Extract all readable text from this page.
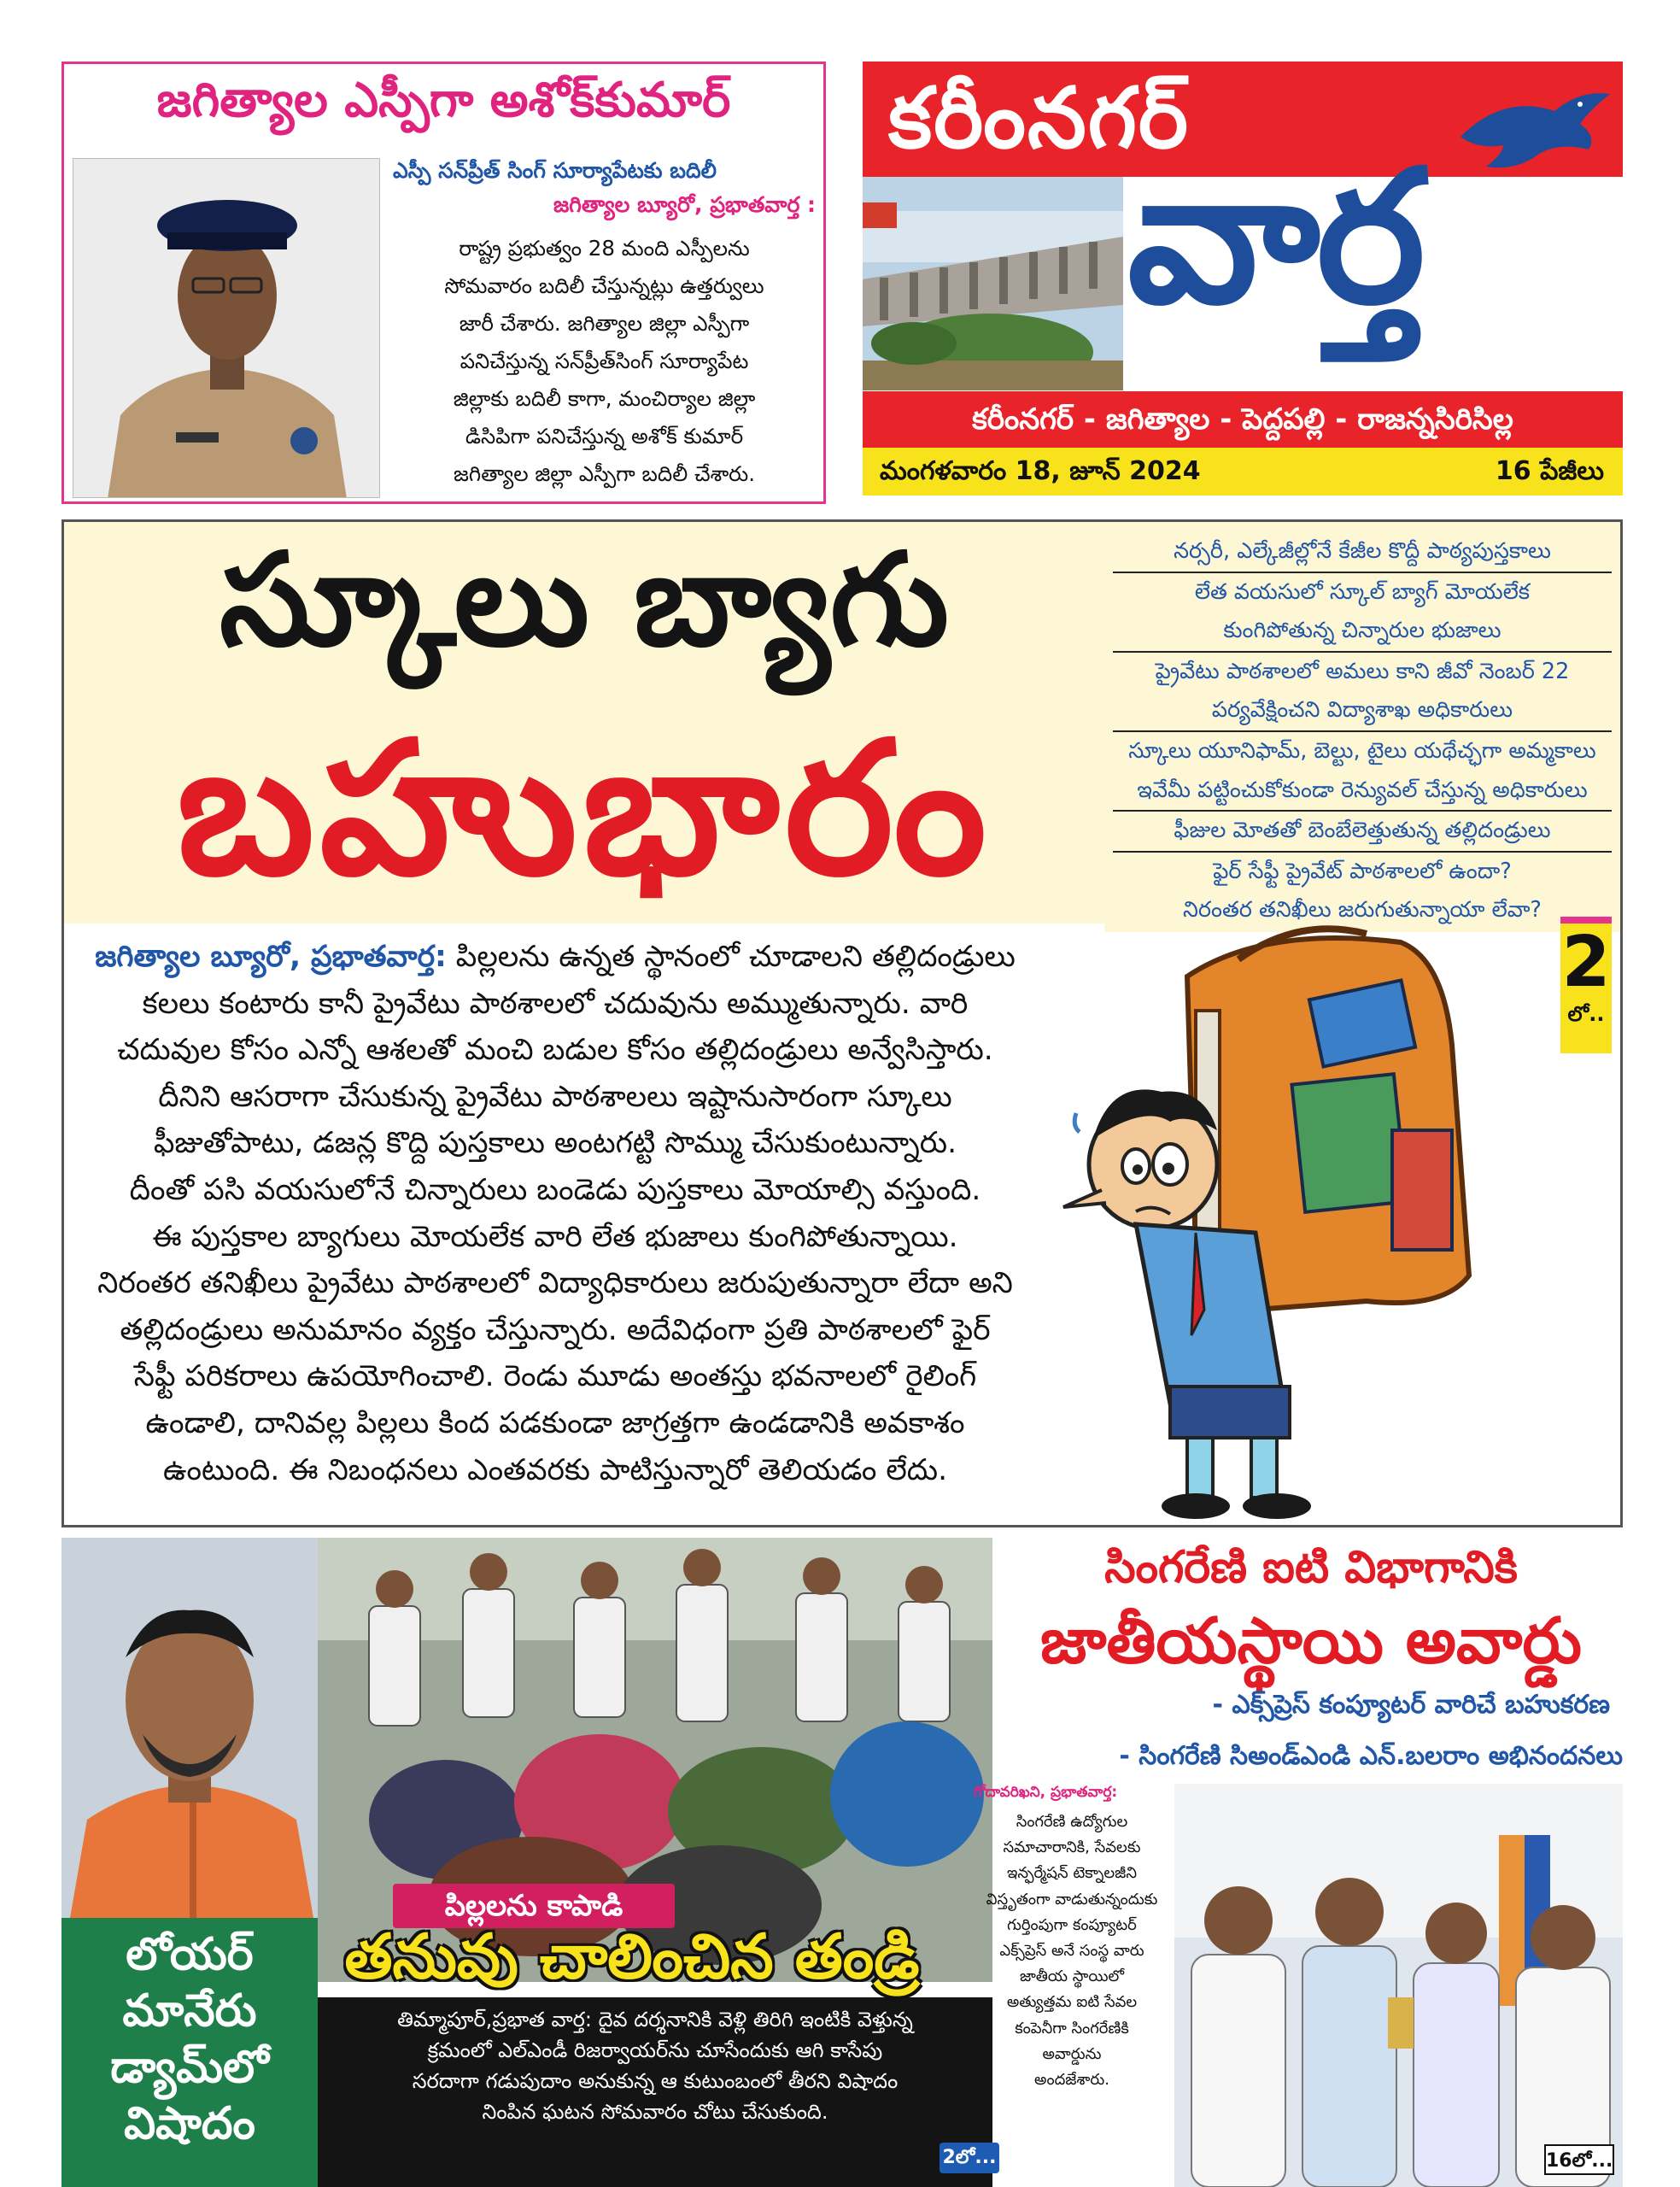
జగిత్యాల ఎస్పీగా అశోక్‌కుమార్
ఎస్పీ సన్‌ప్రీత్ సింగ్ సూర్యాపేటకు బదిలీ
జగిత్యాల బ్యూరో, ప్రభాతవార్త :
రాష్ట్ర ప్రభుత్వం 28 మంది ఎస్పీలను
సోమవారం బదిలీ చేస్తున్నట్లు ఉత్తర్వులు
జారీ చేశారు. జగిత్యాల జిల్లా ఎస్పీగా
పనిచేస్తున్న సన్‌ప్రీత్‌సింగ్ సూర్యాపేట
జిల్లాకు బదిలీ కాగా, మంచిర్యాల జిల్లా
డిసిపిగా పనిచేస్తున్న అశోక్ కుమార్
జగిత్యాల జిల్లా ఎస్పీగా బదిలీ చేశారు.
కరీంనగర్
వార్త
కరీంనగర్ - జగిత్యాల - పెద్దపల్లి - రాజన్నసిరిసిల్ల
మంగళవారం 18, జూన్ 2024	16 పేజీలు
స్కూలు బ్యాగు
బహుభారం
నర్సరీ, ఎల్కేజీల్లోనే కేజీల కొద్దీ పాఠ్యపుస్తకాలు
లేత వయసులో స్కూల్ బ్యాగ్ మోయలేక
కుంగిపోతున్న చిన్నారుల భుజాలు
ప్రైవేటు పాఠశాలలో అమలు కాని జీవో నెంబర్ 22
పర్యవేక్షించని విద్యాశాఖ అధికారులు
స్కూలు యూనిఫామ్, బెల్టు, టైలు యథేచ్ఛగా అమ్మకాలు
ఇవేమీ పట్టించుకోకుండా రెన్యువల్ చేస్తున్న అధికారులు
ఫీజుల మోతతో బెంబేలెత్తుతున్న తల్లిదండ్రులు
ఫైర్ సేఫ్టీ ప్రైవేట్ పాఠశాలలో ఉందా?
నిరంతర తనిఖీలు జరుగుతున్నాయా లేవా?
జగిత్యాల బ్యూరో, ప్రభాతవార్త: పిల్లలను ఉన్నత స్థానంలో చూడాలని తల్లిదండ్రులు
కలలు కంటారు కానీ ప్రైవేటు పాఠశాలలో చదువును అమ్ముతున్నారు. వారి
చదువుల కోసం ఎన్నో ఆశలతో మంచి బడుల కోసం తల్లిదండ్రులు అన్వేసిస్తారు.
దీనిని ఆసరాగా చేసుకున్న ప్రైవేటు పాఠశాలలు ఇష్టానుసారంగా స్కూలు
ఫీజుతోపాటు, డజన్ల కొద్ది పుస్తకాలు అంటగట్టి సొమ్ము చేసుకుంటున్నారు.
దీంతో పసి వయసులోనే చిన్నారులు బండెడు పుస్తకాలు మోయాల్సి వస్తుంది.
ఈ పుస్తకాల బ్యాగులు మోయలేక వారి లేత భుజాలు కుంగిపోతున్నాయి.
నిరంతర తనిఖీలు ప్రైవేటు పాఠశాలలో విద్యాధికారులు జరుపుతున్నారా లేదా అని
తల్లిదండ్రులు అనుమానం వ్యక్తం చేస్తున్నారు. అదేవిధంగా ప్రతి పాఠశాలలో ఫైర్
సేఫ్టీ పరికరాలు ఉపయోగించాలి. రెండు మూడు అంతస్తు భవనాలలో రైలింగ్
ఉండాలి, దానివల్ల పిల్లలు కింద పడకుండా జాగ్రత్తగా ఉండడానికి అవకాశం
ఉంటుంది. ఈ నిబంధనలు ఎంతవరకు పాటిస్తున్నారో తెలియడం లేదు.
2
లో..
లోయర్
మానేరు
డ్యామ్‌లో
విషాదం
పిల్లలను కాపాడి
తనువు చాలించిన తండ్రి
తిమ్మాపూర్,ప్రభాత వార్త: దైవ దర్శనానికి వెళ్లి తిరిగి ఇంటికి వెళ్తున్న
క్రమంలో ఎల్ఎండీ రిజర్వాయర్‌ను చూసేందుకు ఆగి కాసేపు
సరదాగా గడుపుదాం అనుకున్న ఆ కుటుంబంలో తీరని విషాదం
నింపిన ఘటన సోమవారం చోటు చేసుకుంది.
2లో...
సింగరేణి ఐటి విభాగానికి
జాతీయస్థాయి అవార్డు
- ఎక్స్‌ప్రెస్ కంప్యూటర్ వారిచే బహుకరణ
- సింగరేణి సిఅండ్ఎండి ఎన్.బలరాం అభినందనలు
గోదావరిఖని, ప్రభాతవార్త:
సింగరేణి ఉద్యోగుల
సమాచారానికి, సేవలకు
ఇన్ఫర్మేషన్ టెక్నాలజీని
విస్తృతంగా వాడుతున్నందుకు
గుర్తింపుగా కంప్యూటర్
ఎక్స్‌ప్రెస్ అనే సంస్థ వారు
జాతీయ స్థాయిలో
అత్యుత్తమ ఐటి సేవల
కంపెనీగా సింగరేణికి
అవార్డును
అందజేశారు.
16లో...
